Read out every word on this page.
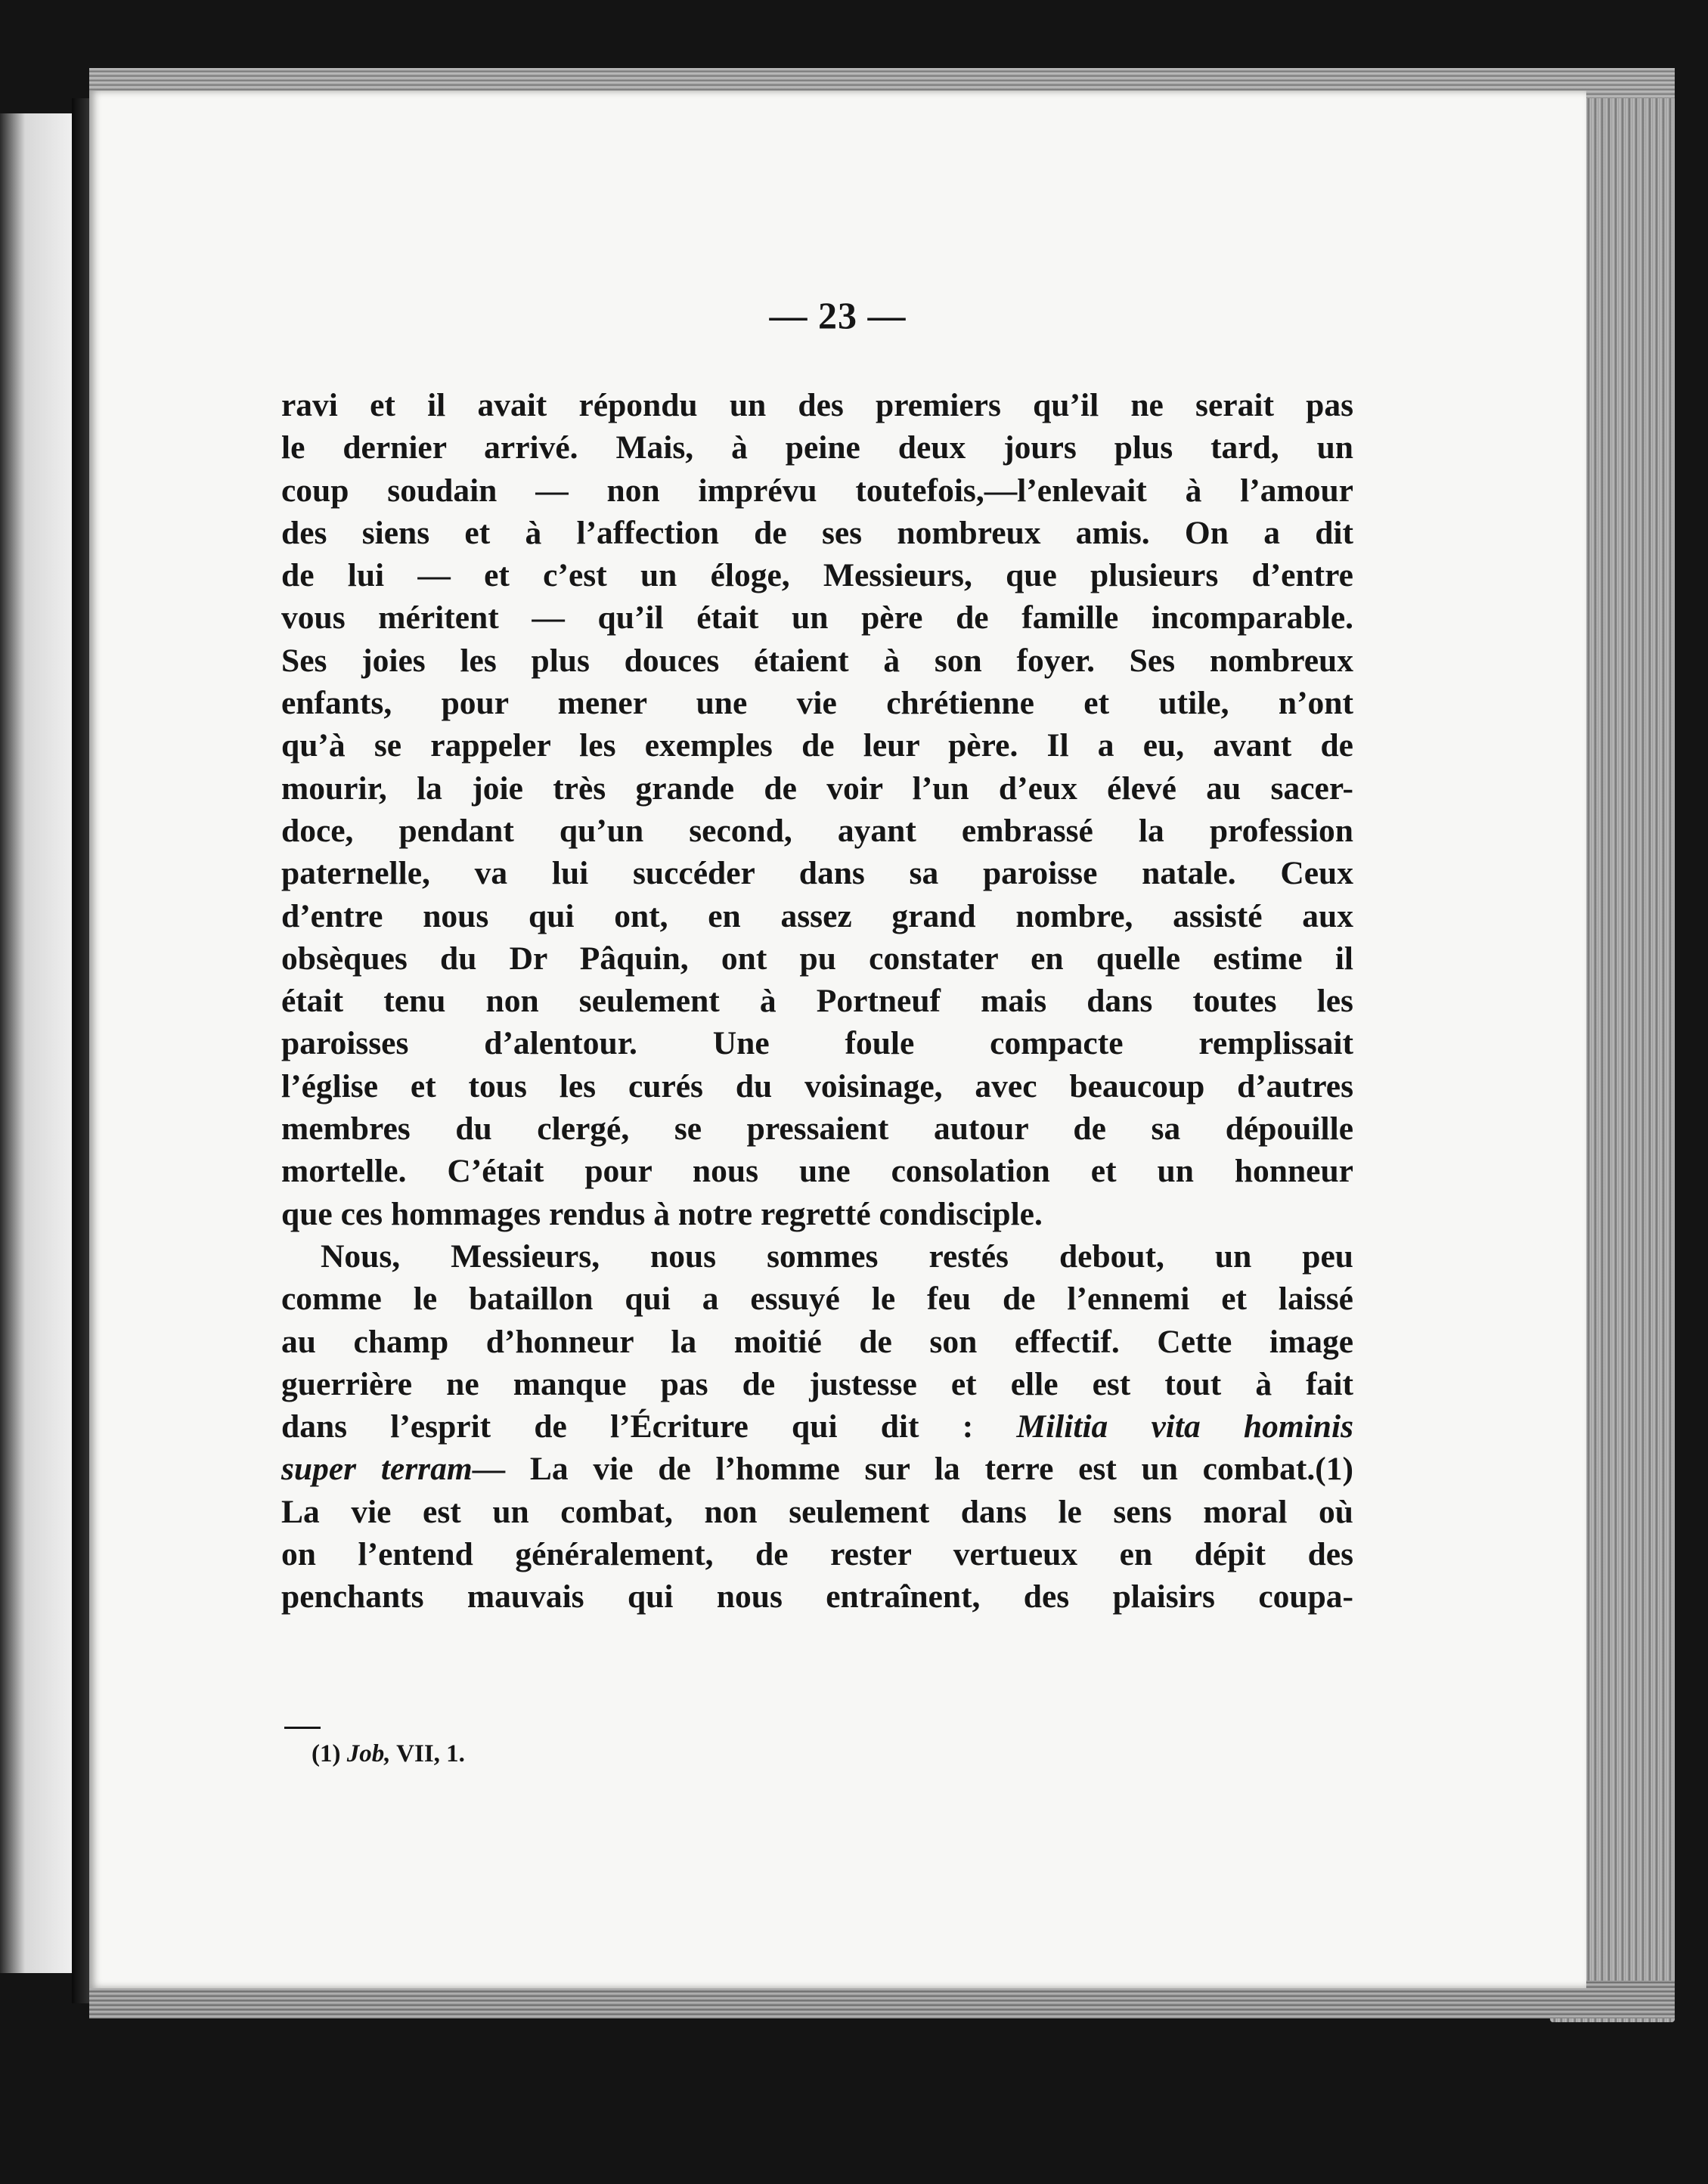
— 23 —
ravi et il avait répondu un des premiers qu’il ne serait pas
le dernier arrivé. Mais, à peine deux jours plus tard, un
coup soudain — non imprévu toutefois,—l’enlevait à l’amour
des siens et à l’affection de ses nombreux amis. On a dit
de lui — et c’est un éloge, Messieurs, que plusieurs d’entre
vous méritent — qu’il était un père de famille incomparable.
Ses joies les plus douces étaient à son foyer. Ses nombreux
enfants, pour mener une vie chrétienne et utile, n’ont
qu’à se rappeler les exemples de leur père. Il a eu, avant de
mourir, la joie très grande de voir l’un d’eux élevé au sacer-
doce, pendant qu’un second, ayant embrassé la profession
paternelle, va lui succéder dans sa paroisse natale. Ceux
d’entre nous qui ont, en assez grand nombre, assisté aux
obsèques du Dr Pâquin, ont pu constater en quelle estime il
était tenu non seulement à Portneuf mais dans toutes les
paroisses d’alentour. Une foule compacte remplissait
l’église et tous les curés du voisinage, avec beaucoup d’autres
membres du clergé, se pressaient autour de sa dépouille
mortelle. C’était pour nous une consolation et un honneur
que ces hommages rendus à notre regretté condisciple.
Nous, Messieurs, nous sommes restés debout, un peu
comme le bataillon qui a essuyé le feu de l’ennemi et laissé
au champ d’honneur la moitié de son effectif. Cette image
guerrière ne manque pas de justesse et elle est tout à fait
dans l’esprit de l’Écriture qui dit : Militia vita hominis
super terram— La vie de l’homme sur la terre est un combat.(1)
La vie est un combat, non seulement dans le sens moral où
on l’entend généralement, de rester vertueux en dépit des
penchants mauvais qui nous entraînent, des plaisirs coupa-
(1) Job, VII, 1.
